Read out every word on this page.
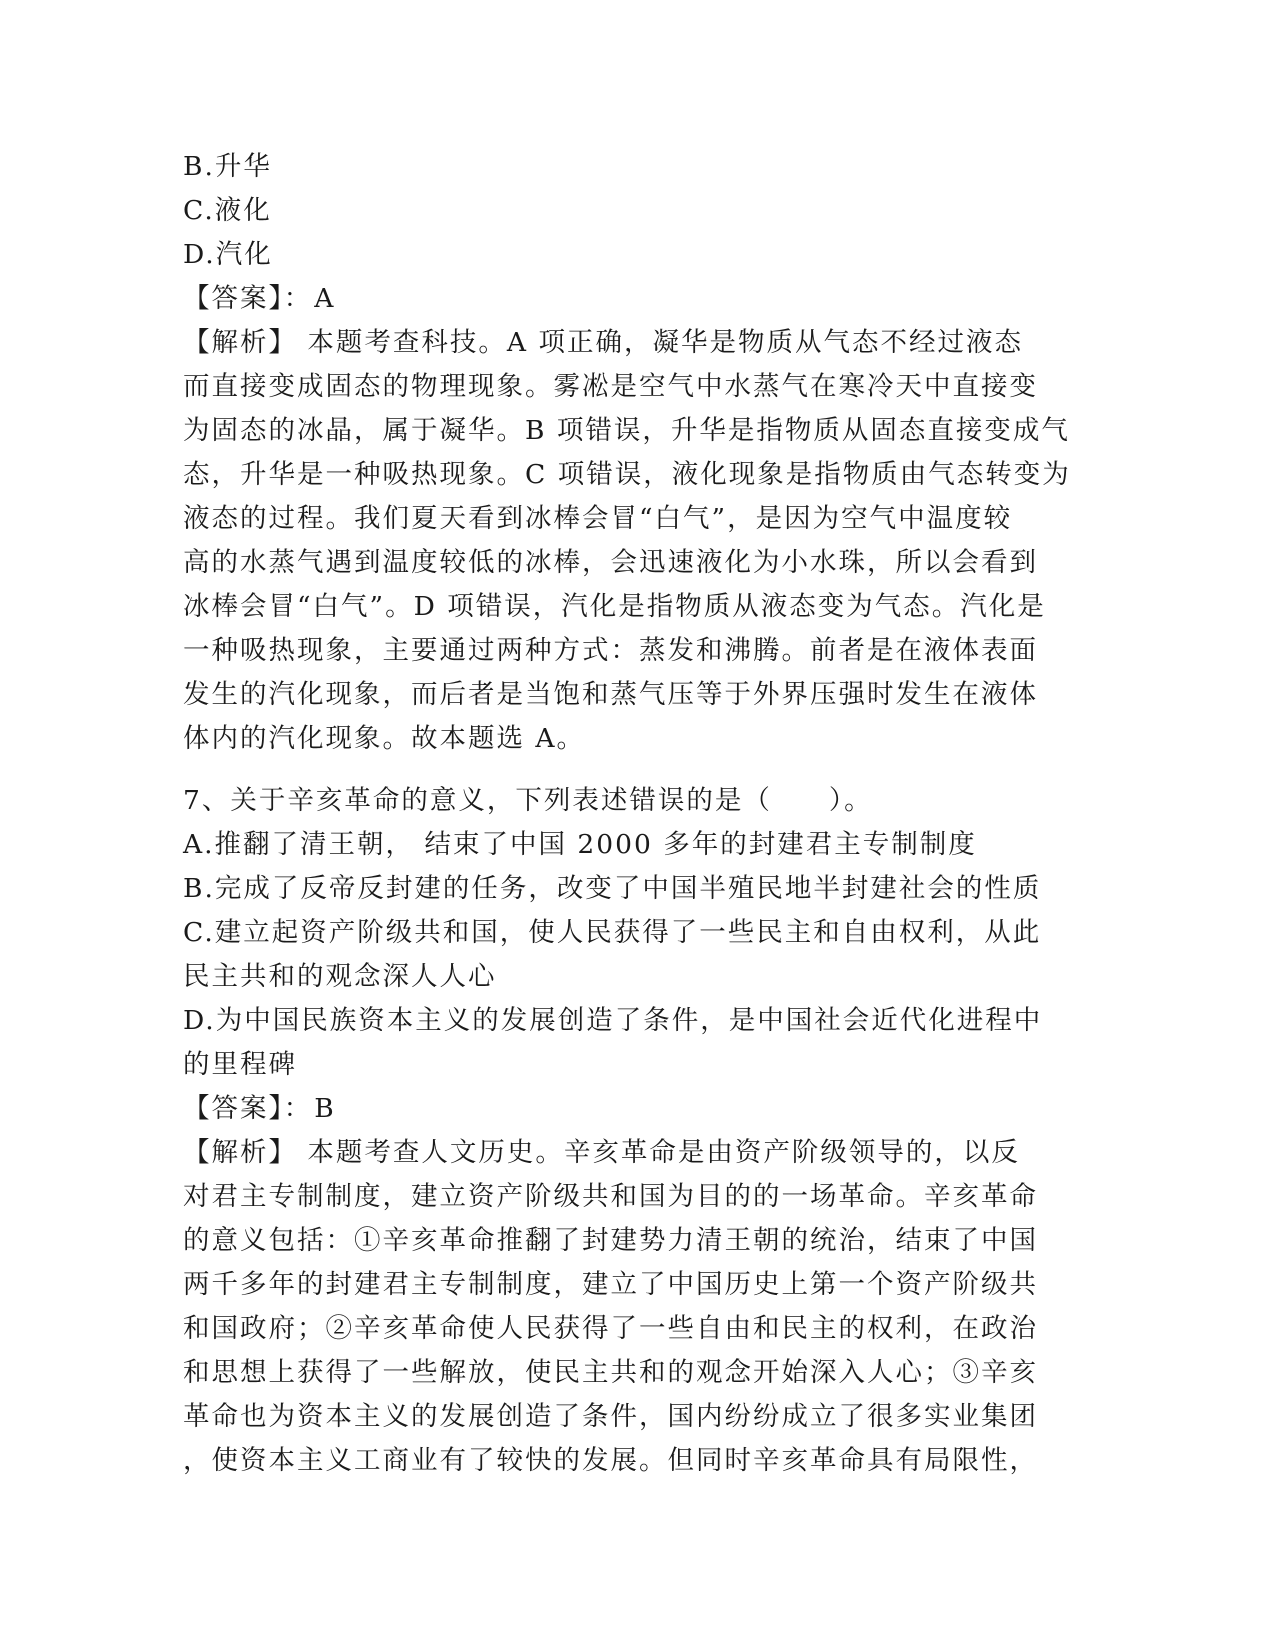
B.升华
C.液化
D.汽化
【答案】：A
【解析】 本题考查科技。A 项正确，凝华是物质从气态不经过液态
而直接变成固态的物理现象。雾凇是空气中水蒸气在寒冷天中直接变
为固态的冰晶，属于凝华。B 项错误，升华是指物质从固态直接变成气
态，升华是一种吸热现象。C 项错误，液化现象是指物质由气态转变为
液态的过程。我们夏天看到冰棒会冒“白气”，是因为空气中温度较
高的水蒸气遇到温度较低的冰棒，会迅速液化为小水珠，所以会看到
冰棒会冒“白气”。D 项错误，汽化是指物质从液态变为气态。汽化是
一种吸热现象，主要通过两种方式：蒸发和沸腾。前者是在液体表面
发生的汽化现象，而后者是当饱和蒸气压等于外界压强时发生在液体
体内的汽化现象。故本题选 A。
7、关于辛亥革命的意义，下列表述错误的是（　　）。
A.推翻了清王朝， 结束了中国 2000 多年的封建君主专制制度
B.完成了反帝反封建的任务，改变了中国半殖民地半封建社会的性质
C.建立起资产阶级共和国，使人民获得了一些民主和自由权利，从此
民主共和的观念深人人心
D.为中国民族资本主义的发展创造了条件，是中国社会近代化进程中
的里程碑
【答案】：B
【解析】 本题考查人文历史。辛亥革命是由资产阶级领导的，以反
对君主专制制度，建立资产阶级共和国为目的的一场革命。辛亥革命
的意义包括：①辛亥革命推翻了封建势力清王朝的统治，结束了中国
两千多年的封建君主专制制度，建立了中国历史上第一个资产阶级共
和国政府；②辛亥革命使人民获得了一些自由和民主的权利，在政治
和思想上获得了一些解放，使民主共和的观念开始深入人心；③辛亥
革命也为资本主义的发展创造了条件，国内纷纷成立了很多实业集团
，使资本主义工商业有了较快的发展。但同时辛亥革命具有局限性，
